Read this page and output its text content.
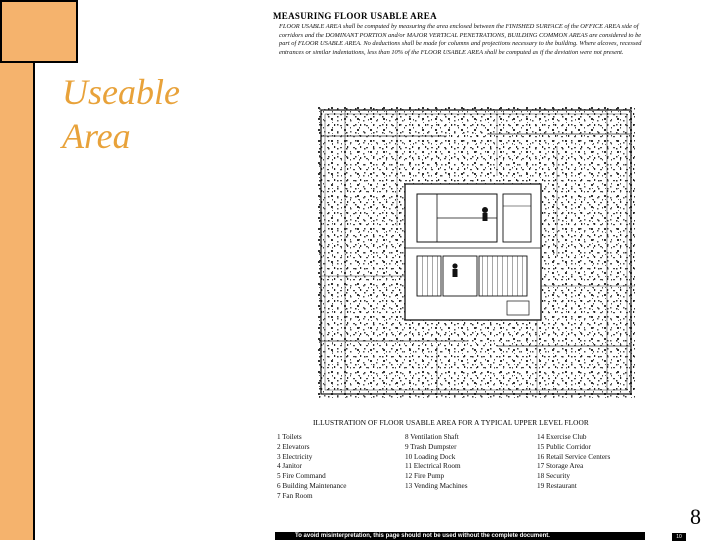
Useable
Area
MEASURING FLOOR USABLE AREA
FLOOR USABLE AREA shall be computed by measuring the area enclosed between the FINISHED SURFACE of the OFFICE AREA side of corridors and the DOMINANT PORTION and/or MAJOR VERTICAL PENETRATIONS, BUILDING COMMON AREAS are considered to be part of FLOOR USABLE AREA. No deductions shall be made for columns and projections necessary to the building. Where alcoves, recessed entrances or similar indentations, less than 10% of the FLOOR USABLE AREA shall be computed as if the deviation were not present.
ILLUSTRATION OF FLOOR USABLE AREA FOR A TYPICAL UPPER LEVEL FLOOR
1 Toilets
2 Elevators
3 Electricity
4 Janitor
5 Fire Command
6 Building Maintenance
7 Fan Room
8 Ventilation Shaft
9 Trash Dumpster
10 Loading Dock
11 Electrical Room
12 Fire Pump
13 Vending Machines
14 Exercise Club
15 Public Corridor
16 Retail Service Centers
17 Storage Area
18 Security
19 Restaurant
To avoid misinterpretation, this page should not be used without the complete document.	10
8
